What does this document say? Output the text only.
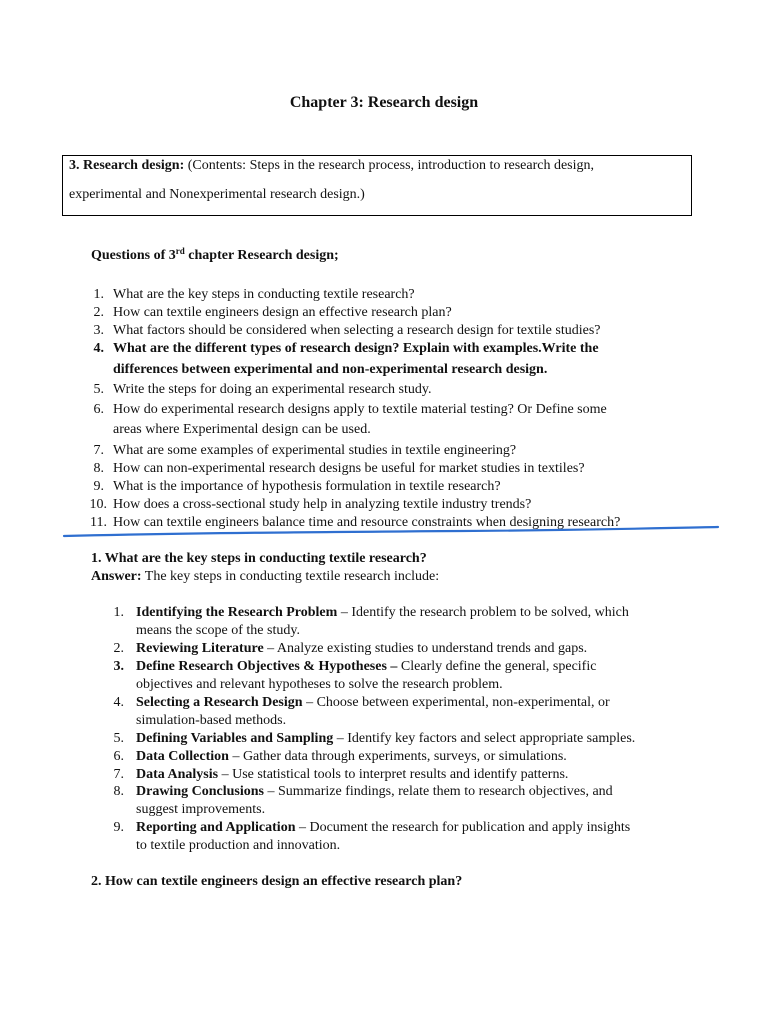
Chapter 3: Research design
3. Research design: (Contents: Steps in the research process, introduction to research design,
experimental and Nonexperimental research design.)
Questions of 3rd chapter Research design;
1. What are the key steps in conducting textile research?
2. How can textile engineers design an effective research plan?
3. What factors should be considered when selecting a research design for textile studies?
4. What are the different types of research design? Explain with examples.Write the
differences between experimental and non-experimental research design.
5. Write the steps for doing an experimental research study.
6. How do experimental research designs apply to textile material testing? Or Define some
areas where Experimental design can be used.
7. What are some examples of experimental studies in textile engineering?
8. How can non-experimental research designs be useful for market studies in textiles?
9. What is the importance of hypothesis formulation in textile research?
10. How does a cross-sectional study help in analyzing textile industry trends?
11. How can textile engineers balance time and resource constraints when designing research?
1. What are the key steps in conducting textile research?
Answer: The key steps in conducting textile research include:
1. Identifying the Research Problem – Identify the research problem to be solved, which
means the scope of the study.
2. Reviewing Literature – Analyze existing studies to understand trends and gaps.
3. Define Research Objectives & Hypotheses – Clearly define the general, specific
objectives and relevant hypotheses to solve the research problem.
4. Selecting a Research Design – Choose between experimental, non-experimental, or
simulation-based methods.
5. Defining Variables and Sampling – Identify key factors and select appropriate samples.
6. Data Collection – Gather data through experiments, surveys, or simulations.
7. Data Analysis – Use statistical tools to interpret results and identify patterns.
8. Drawing Conclusions – Summarize findings, relate them to research objectives, and
suggest improvements.
9. Reporting and Application – Document the research for publication and apply insights
to textile production and innovation.
2. How can textile engineers design an effective research plan?
